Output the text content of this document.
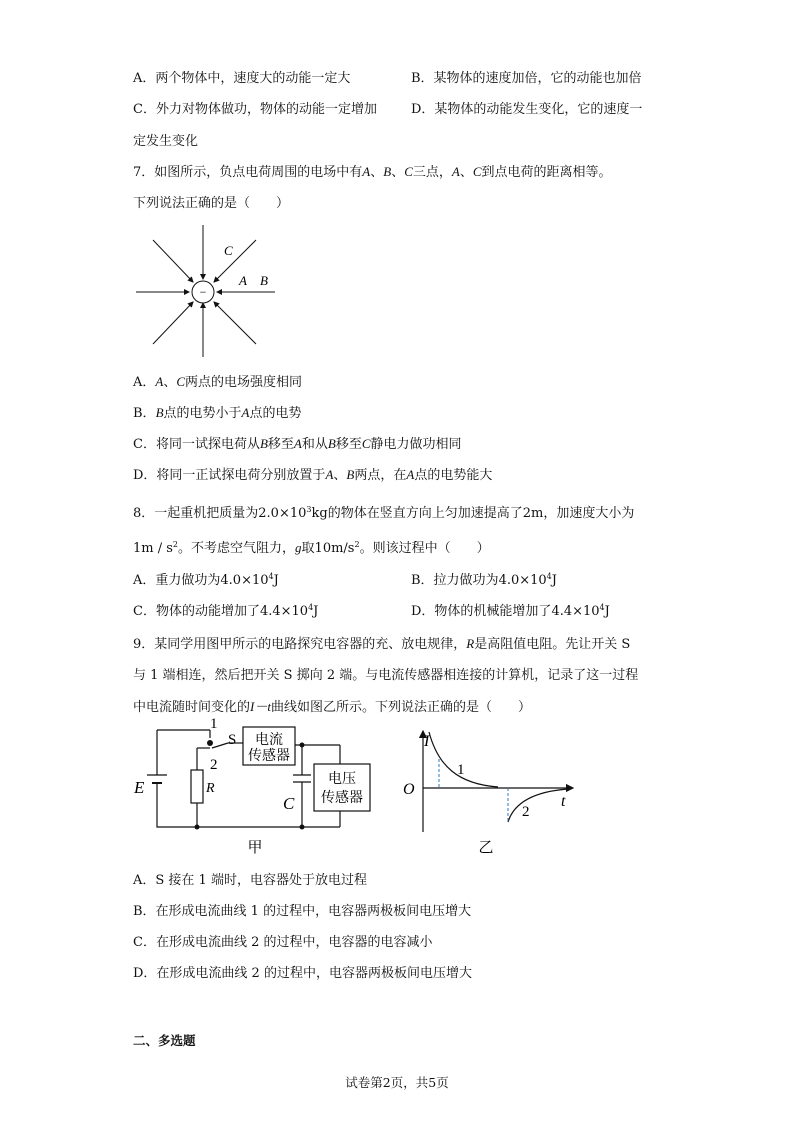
A．两个物体中，速度大的动能一定大	B．某物体的速度加倍，它的动能也加倍
C．外力对物体做功，物体的动能一定增加	D．某物体的动能发生变化，它的速度一
定发生变化
7．如图所示，负点电荷周围的电场中有A、B、C三点，A、C到点电荷的距离相等。
下列说法正确的是（　　）
−
C
A B
A．A、C两点的电场强度相同
B．B点的电势小于A点的电势
C．将同一试探电荷从B移至A和从B移至C静电力做功相同
D．将同一正试探电荷分别放置于A、B两点，在A点的电势能大
8．一起重机把质量为$2.0\times 10^3kg$的物体在竖直方向上匀加速提高了2m，加速度大小为
$1m / s^2$。不考虑空气阻力，g取$10m/s^2$。则该过程中（　　）
A．重力做功为$4.0\times 10^4J$	B．拉力做功为$4.0\times 10^4J$
C．物体的动能增加了$4.4\times 10^4J$	D．物体的机械能增加了$4.4\times 10^4J$
9．某同学用图甲所示的电路探究电容器的充、放电规律，R是高阻值电阻。先让开关 S
与 1 端相连，然后把开关 S 掷向 2 端。与电流传感器相连接的计算机，记录了这一过程
中电流随时间变化的I－t曲线如图乙所示。下列说法正确的是（　　）
E	R
C
S
1
2
电流
传感器
电压
传感器
甲
I
O
t
1
2
乙
A．S 接在 1 端时，电容器处于放电过程
B．在形成电流曲线 1 的过程中，电容器两极板间电压增大
C．在形成电流曲线 2 的过程中，电容器的电容减小
D．在形成电流曲线 2 的过程中，电容器两极板间电压增大
二、多选题
试卷第2页，共5页
